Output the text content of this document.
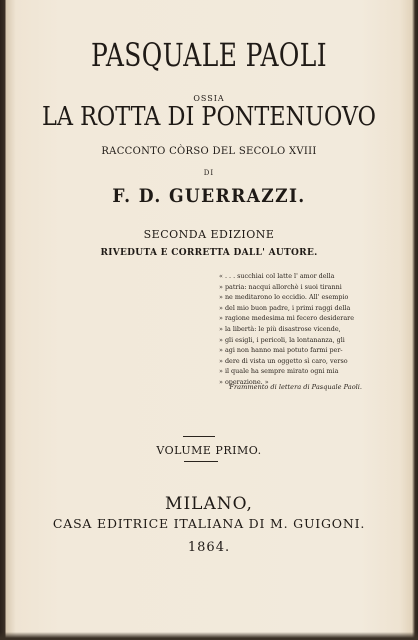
PASQUALE PAOLI
OSSIA
LA ROTTA DI PONTENUOVO
RACCONTO CÒRSO DEL SECOLO XVIII
DI
F. D. GUERRAZZI.
SECONDA EDIZIONE
RIVEDUTA E CORRETTA DALL' AUTORE.
« . . . succhiai col latte l' amor della
» patria: nacqui allorchè i suoi tiranni
» ne meditarono lo eccidio. All' esempio
» del mio buon padre, i primi raggi della
» ragione medesima mi fecero desiderare
» la libertà: le più disastrose vicende,
» gli esigli, i pericoli, la lontananza, gli
» agi non hanno mai potuto farmi per-
» dere di vista un oggetto sì caro, verso
» il quale ha sempre mirato ogni mia
» operazione. »
Frammento di lettera di Pasquale Paoli.
VOLUME PRIMO.
MILANO,
CASA EDITRICE ITALIANA DI M. GUIGONI.
1864.
